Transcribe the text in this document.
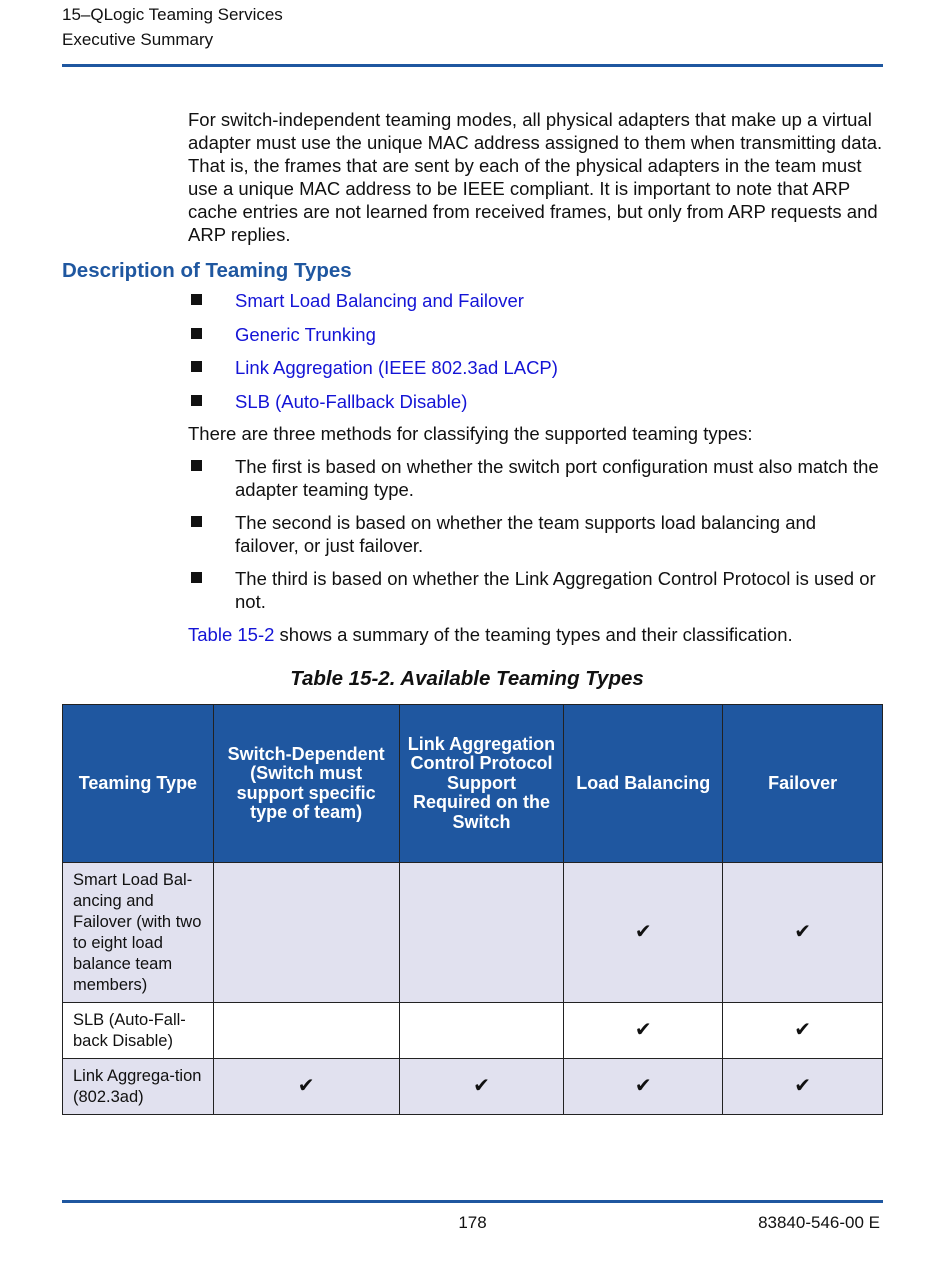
15–QLogic Teaming Services
Executive Summary

For switch-independent teaming modes, all physical adapters that make up a virtual adapter must use the unique MAC address assigned to them when transmitting data. That is, the frames that are sent by each of the physical adapters in the team must use a unique MAC address to be IEEE compliant. It is important to note that ARP cache entries are not learned from received frames, but only from ARP requests and ARP replies.

Description of Teaming Types
Smart Load Balancing and Failover
Generic Trunking
Link Aggregation (IEEE 802.3ad LACP)
SLB (Auto-Fallback Disable)

There are three methods for classifying the supported teaming types:

The first is based on whether the switch port configuration must also match the adapter teaming type.
The second is based on whether the team supports load balancing and failover, or just failover.
The third is based on whether the Link Aggregation Control Protocol is used or not.

Table 15-2 shows a summary of the teaming types and their classification.

Table 15-2. Available Teaming Types
Teaming Type	Switch-Dependent (Switch must support specific type of team)	Link Aggregation Control Protocol Support Required on the Switch	Load Balancing	Failover
Smart Load Bal-ancing and Failover (with two to eight load balance team members)			✔	✔
SLB (Auto-Fall-back Disable)			✔	✔
Link Aggrega-tion (802.3ad)	✔	✔	✔	✔
178	83840-546-00 E
